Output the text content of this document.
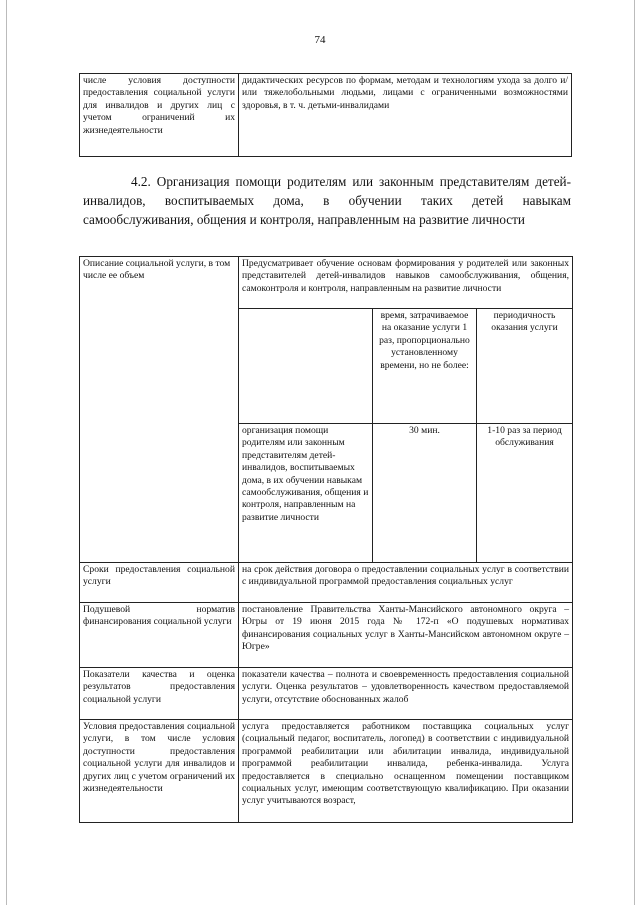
74
числе условия доступности предоставления социальной услуги для инвалидов и других лиц с учетом ограничений их жизнедеятельности	дидактических ресурсов по формам, методам и технологиям ухода за долго и/или тяжелобольными людьми, лицами с ограниченными возможностями здоровья, в т. ч. детьми-инвалидами
4.2. Организация помощи родителям или законным представителям детей-инвалидов, воспитываемых дома, в обучении таких детей навыкам самообслуживания, общения и контроля, направленным на развитие личности
Описание социальной услуги, в том числе ее объем	Предусматривает обучение основам формирования у родителей или законных представителей детей-инвалидов навыков самообслуживания, общения, самоконтроля и контроля, направленным на развитие личности		
		время, затрачиваемое на оказание услуги 1 раз, пропорционально установленному времени, но не более:	периодичность оказания услуги
	организация помощи родителям или законным представителям детей-инвалидов, воспитываемых дома, в их обучении навыкам самообслуживания, общения и контроля, направленным на развитие личности	30 мин.	1-10 раз за период обслуживания
Сроки предоставления социальной услуги	на срок действия договора о предоставлении социальных услуг в соответствии с индивидуальной программой предоставления социальных услуг		
Подушевой норматив финансирования социальной услуги	постановление Правительства Ханты-Мансийского автономного округа – Югры от 19 июня 2015 года № 172-п «О подушевых нормативах финансирования социальных услуг в Ханты-Мансийском автономном округе – Югре»		
Показатели качества и оценка результатов предоставления социальной услуги	показатели качества – полнота и своевременность предоставления социальной услуги. Оценка результатов – удовлетворенность качеством предоставляемой услуги, отсутствие обоснованных жалоб		
Условия предоставления социальной услуги, в том числе условия доступности предоставления социальной услуги для инвалидов и других лиц с учетом ограничений их жизнедеятельности	услуга предоставляется работником поставщика социальных услуг (социальный педагог, воспитатель, логопед) в соответствии с индивидуальной программой реабилитации или абилитации инвалида, индивидуальной программой реабилитации инвалида, ребенка-инвалида. Услуга предоставляется в специально оснащенном помещении поставщиком социальных услуг, имеющим соответствующую квалификацию. При оказании услуг учитываются возраст,		
